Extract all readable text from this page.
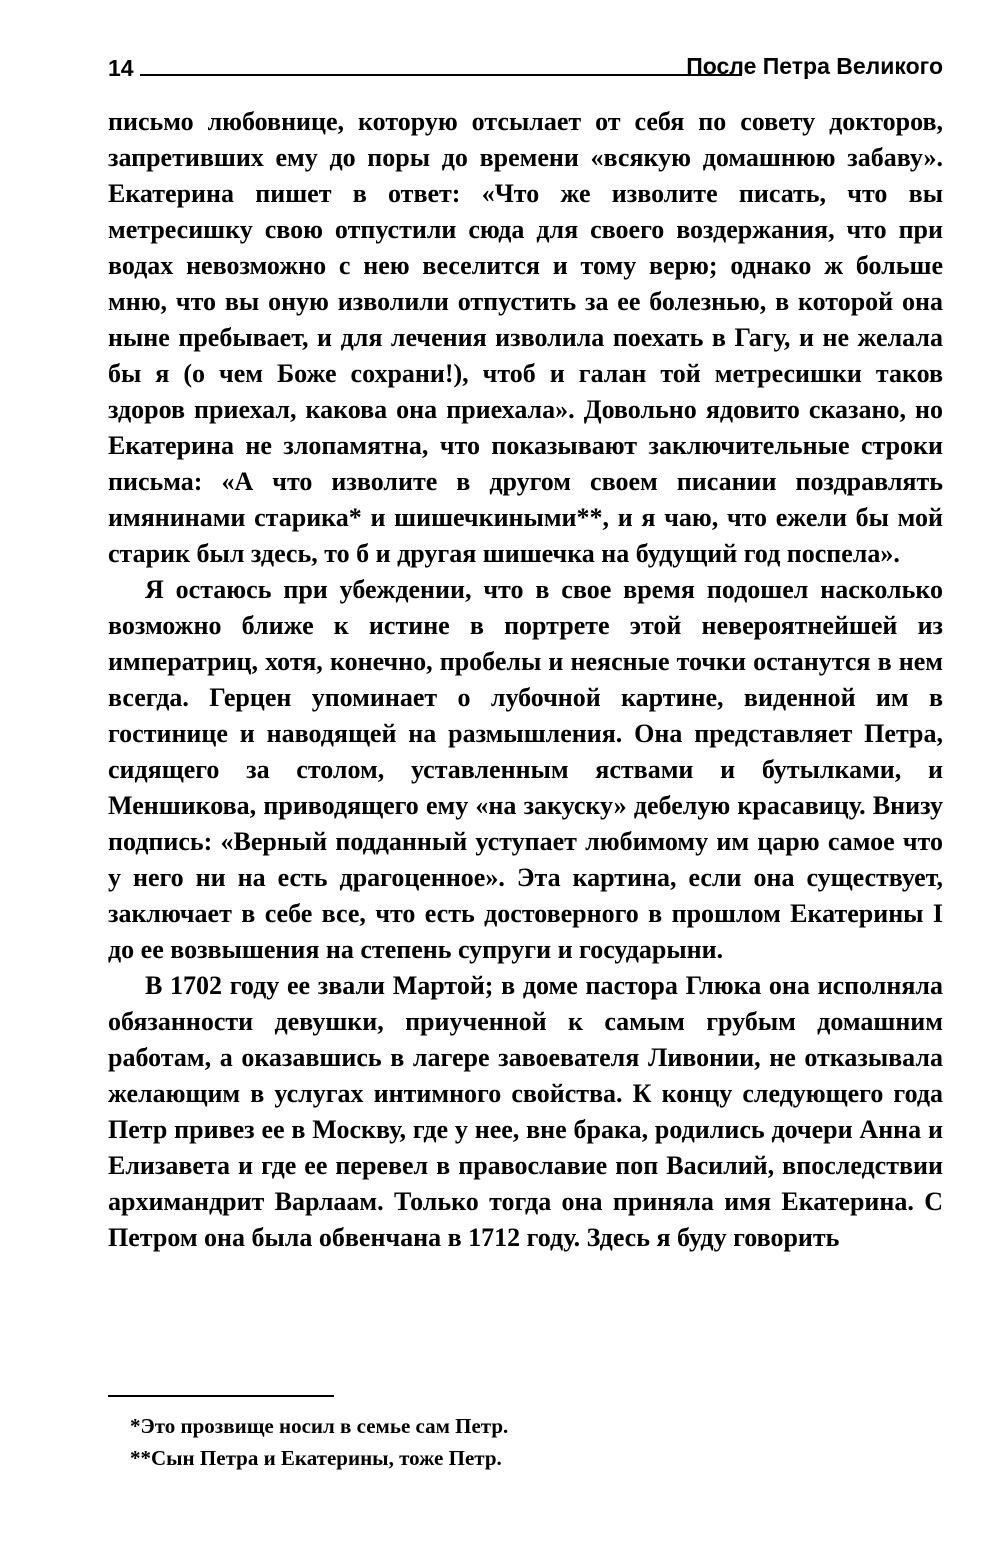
14	После Петра Великого

письмо любовнице, которую отсылает от себя по совету докторов, запретивших ему до поры до времени «всякую домашнюю забаву». Екатерина пишет в ответ: «Что же изволите писать, что вы метресишку свою отпустили сюда для своего воздержания, что при водах невозможно с нею веселится и тому верю; однако ж больше мню, что вы оную изволили отпустить за ее болезнью, в которой она ныне пребывает, и для лечения изволила поехать в Гагу, и не желала бы я (о чем Боже сохрани!), чтоб и галан той метресишки таков здоров приехал, какова она приехала». Довольно ядовито сказано, но Екатерина не злопамятна, что показывают заключительные строки письма: «А что изволите в другом своем писании поздравлять имянинами старика* и шишечкиными**, и я чаю, что ежели бы мой старик был здесь, то б и другая шишечка на будущий год поспела».

Я остаюсь при убеждении, что в свое время подошел насколько возможно ближе к истине в портрете этой невероятнейшей из императриц, хотя, конечно, пробелы и неясные точки останутся в нем всегда. Герцен упоминает о лубочной картине, виденной им в гостинице и наводящей на размышления. Она представляет Петра, сидящего за столом, уставленным яствами и бутылками, и Меншикова, приводящего ему «на закуску» дебелую красавицу. Внизу подпись: «Верный подданный уступает любимому им царю самое что у него ни на есть драгоценное». Эта картина, если она существует, заключает в себе все, что есть достоверного в прошлом Екатерины I до ее возвышения на степень супруги и государыни.

В 1702 году ее звали Мартой; в доме пастора Глюка она исполняла обязанности девушки, приученной к самым грубым домашним работам, а оказавшись в лагере завоевателя Ливонии, не отказывала желающим в услугах интимного свойства. К концу следующего года Петр привез ее в Москву, где у нее, вне брака, родились дочери Анна и Елизавета и где ее перевел в православие поп Василий, впоследствии архимандрит Варлаам. Только тогда она приняла имя Екатерина. С Петром она была обвенчана в 1712 году. Здесь я буду говорить

*Это прозвище носил в семье сам Петр.
**Сын Петра и Екатерины, тоже Петр.
